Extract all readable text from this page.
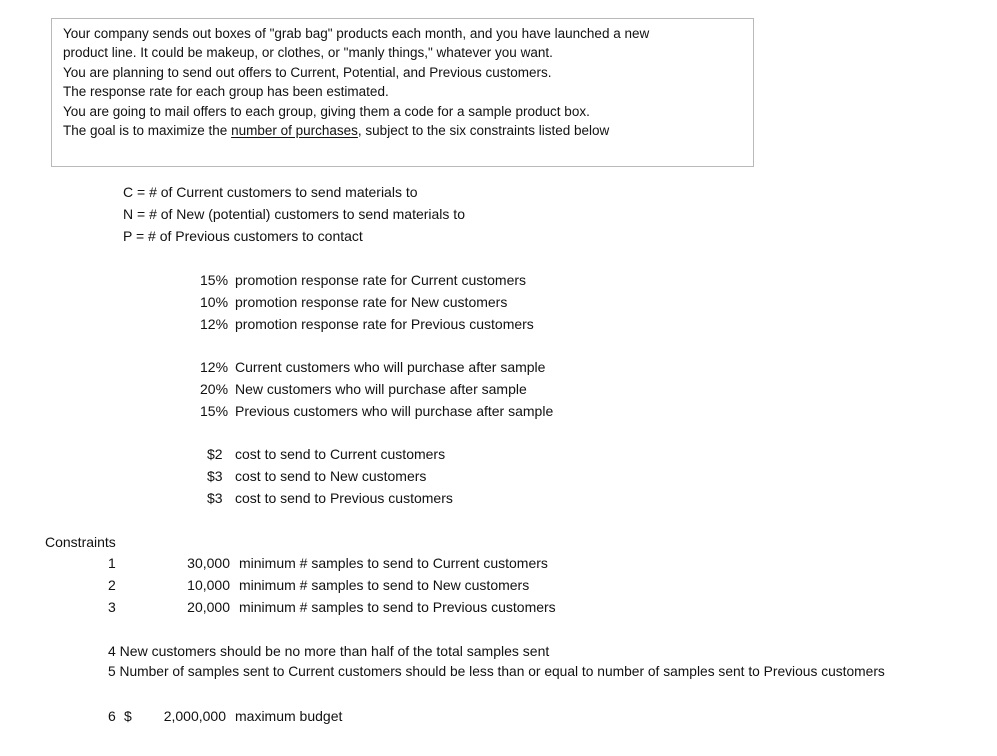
Your company sends out boxes of "grab bag" products each month, and you have launched a new
product line. It could be makeup, or clothes, or "manly things," whatever you want.
You are planning to send out offers to Current, Potential, and Previous customers.
The response rate for each group has been estimated.
You are going to mail offers to each group, giving them a code for a sample product box.
The goal is to maximize the number of purchases, subject to the six constraints listed below
C = # of Current customers to send materials to
N = # of New (potential) customers to send materials to
P = # of Previous customers to contact
15% promotion response rate for Current customers
10% promotion response rate for New customers
12% promotion response rate for Previous customers
12% Current customers who will purchase after sample
20% New customers who will purchase after sample
15% Previous customers who will purchase after sample
$2 cost to send to Current customers
$3 cost to send to New customers
$3 cost to send to Previous customers
Constraints
1	30,000 minimum # samples to send to Current customers
2	10,000 minimum # samples to send to New customers
3	20,000 minimum # samples to send to Previous customers
4 New customers should be no more than half of the total samples sent
5 Number of samples sent to Current customers should be less than or equal to number of samples sent to Previous customers
6 $	2,000,000 maximum budget
